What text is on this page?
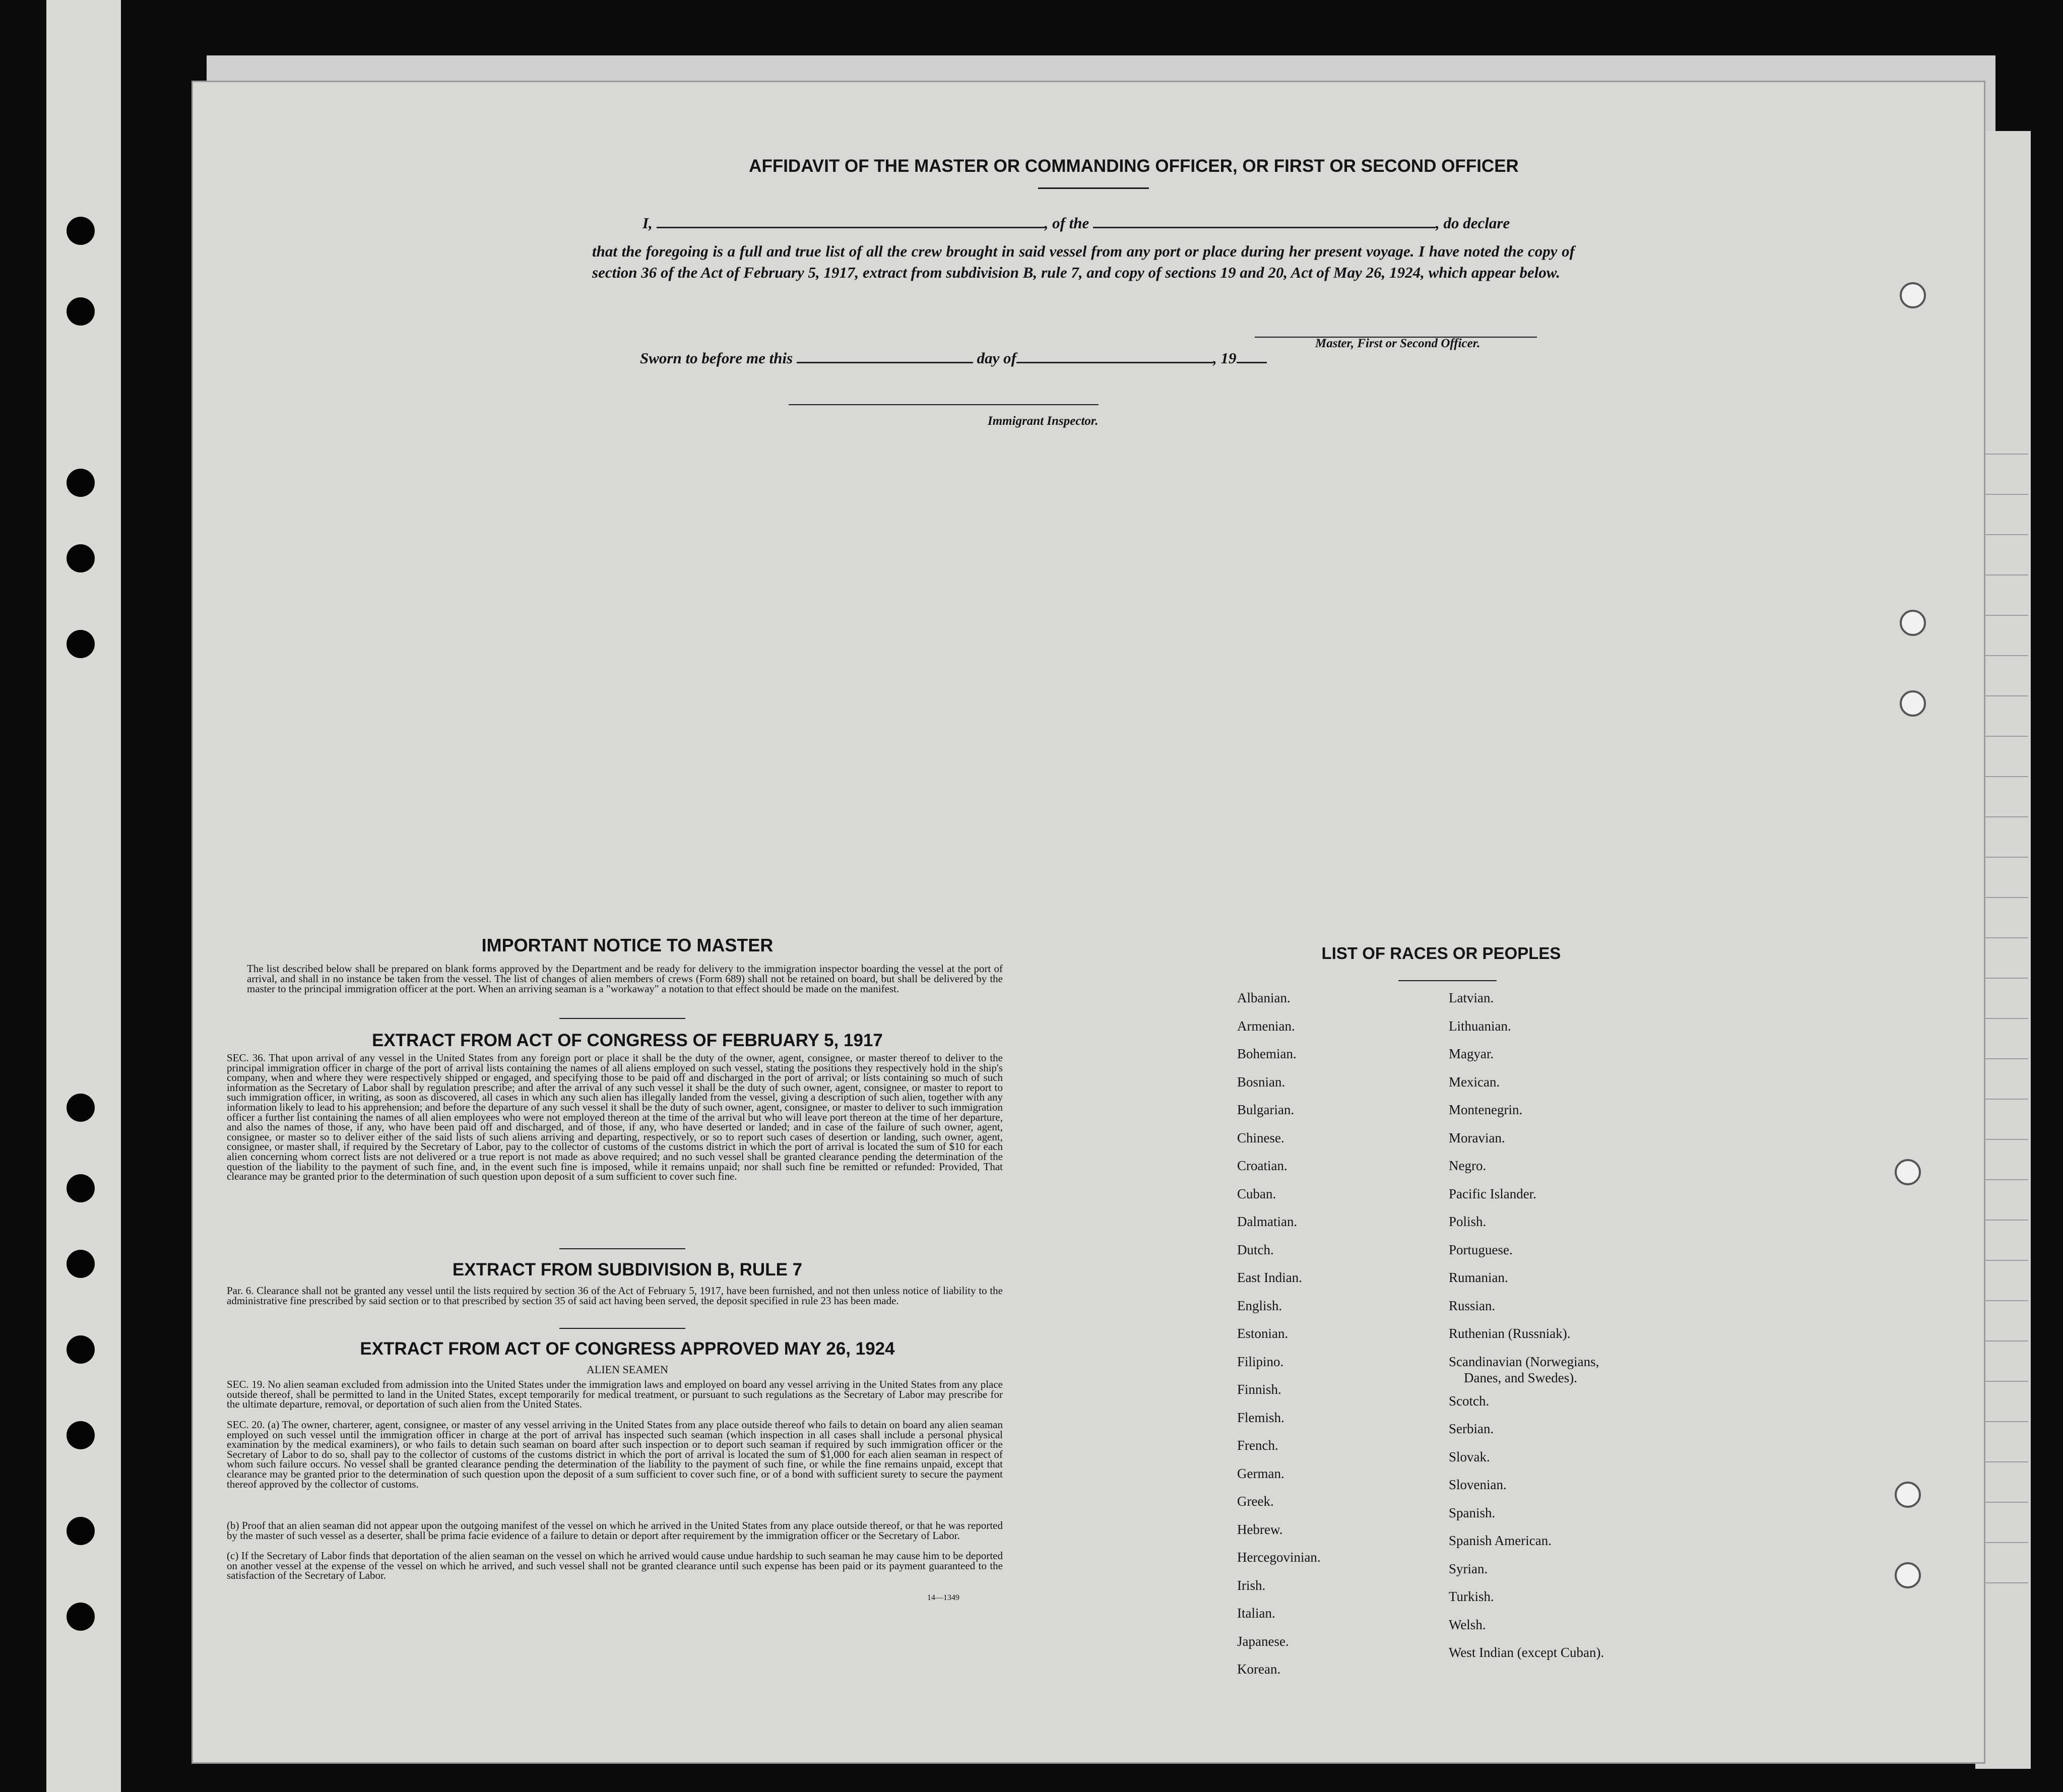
AFFIDAVIT OF THE MASTER OR COMMANDING OFFICER, OR FIRST OR SECOND OFFICER
I,	, of the	, do declare
that the foregoing is a full and true list of all the crew brought in said vessel from any port or place during her present voyage. I have noted the copy of section 36 of the Act of February 5, 1917, extract from subdivision B, rule 7, and copy of sections 19 and 20, Act of May 26, 1924, which appear below.
Master, First or Second Officer.
Sworn to before me this	day of	, 19
Immigrant Inspector.
IMPORTANT NOTICE TO MASTER
The list described below shall be prepared on blank forms approved by the Department and be ready for delivery to the immigration inspector boarding the vessel at the port of arrival, and shall in no instance be taken from the vessel. The list of changes of alien members of crews (Form 689) shall not be retained on board, but shall be delivered by the master to the principal immigration officer at the port. When an arriving seaman is a "workaway" a notation to that effect should be made on the manifest.
EXTRACT FROM ACT OF CONGRESS OF FEBRUARY 5, 1917
SEC. 36. That upon arrival of any vessel in the United States from any foreign port or place it shall be the duty of the owner, agent, consignee, or master thereof to deliver to the principal immigration officer in charge of the port of arrival lists containing the names of all aliens employed on such vessel, stating the positions they respectively hold in the ship's company, when and where they were respectively shipped or engaged, and specifying those to be paid off and discharged in the port of arrival; or lists containing so much of such information as the Secretary of Labor shall by regulation prescribe; and after the arrival of any such vessel it shall be the duty of such owner, agent, consignee, or master to report to such immigration officer, in writing, as soon as discovered, all cases in which any such alien has illegally landed from the vessel, giving a description of such alien, together with any information likely to lead to his apprehension; and before the departure of any such vessel it shall be the duty of such owner, agent, consignee, or master to deliver to such immigration officer a further list containing the names of all alien employees who were not employed thereon at the time of the arrival but who will leave port thereon at the time of her departure, and also the names of those, if any, who have been paid off and discharged, and of those, if any, who have deserted or landed; and in case of the failure of such owner, agent, consignee, or master so to deliver either of the said lists of such aliens arriving and departing, respectively, or so to report such cases of desertion or landing, such owner, agent, consignee, or master shall, if required by the Secretary of Labor, pay to the collector of customs of the customs district in which the port of arrival is located the sum of $10 for each alien concerning whom correct lists are not delivered or a true report is not made as above required; and no such vessel shall be granted clearance pending the determination of the question of the liability to the payment of such fine, and, in the event such fine is imposed, while it remains unpaid; nor shall such fine be remitted or refunded: Provided, That clearance may be granted prior to the determination of such question upon deposit of a sum sufficient to cover such fine.
EXTRACT FROM SUBDIVISION B, RULE 7
Par. 6. Clearance shall not be granted any vessel until the lists required by section 36 of the Act of February 5, 1917, have been furnished, and not then unless notice of liability to the administrative fine prescribed by said section or to that prescribed by section 35 of said act having been served, the deposit specified in rule 23 has been made.
EXTRACT FROM ACT OF CONGRESS APPROVED MAY 26, 1924
ALIEN SEAMEN
SEC. 19. No alien seaman excluded from admission into the United States under the immigration laws and employed on board any vessel arriving in the United States from any place outside thereof, shall be permitted to land in the United States, except temporarily for medical treatment, or pursuant to such regulations as the Secretary of Labor may prescribe for the ultimate departure, removal, or deportation of such alien from the United States.
SEC. 20. (a) The owner, charterer, agent, consignee, or master of any vessel arriving in the United States from any place outside thereof who fails to detain on board any alien seaman employed on such vessel until the immigration officer in charge at the port of arrival has inspected such seaman (which inspection in all cases shall include a personal physical examination by the medical examiners), or who fails to detain such seaman on board after such inspection or to deport such seaman if required by such immigration officer or the Secretary of Labor to do so, shall pay to the collector of customs of the customs district in which the port of arrival is located the sum of $1,000 for each alien seaman in respect of whom such failure occurs. No vessel shall be granted clearance pending the determination of the liability to the payment of such fine, or while the fine remains unpaid, except that clearance may be granted prior to the determination of such question upon the deposit of a sum sufficient to cover such fine, or of a bond with sufficient surety to secure the payment thereof approved by the collector of customs.
(b) Proof that an alien seaman did not appear upon the outgoing manifest of the vessel on which he arrived in the United States from any place outside thereof, or that he was reported by the master of such vessel as a deserter, shall be prima facie evidence of a failure to detain or deport after requirement by the immigration officer or the Secretary of Labor.
(c) If the Secretary of Labor finds that deportation of the alien seaman on the vessel on which he arrived would cause undue hardship to such seaman he may cause him to be deported on another vessel at the expense of the vessel on which he arrived, and such vessel shall not be granted clearance until such expense has been paid or its payment guaranteed to the satisfaction of the Secretary of Labor.
14—1349
LIST OF RACES OR PEOPLES
Albanian.
Armenian.
Bohemian.
Bosnian.
Bulgarian.
Chinese.
Croatian.
Cuban.
Dalmatian.
Dutch.
East Indian.
English.
Estonian.
Filipino.
Finnish.
Flemish.
French.
German.
Greek.
Hebrew.
Hercegovinian.
Irish.
Italian.
Japanese.
Korean.
Latvian.
Lithuanian.
Magyar.
Mexican.
Montenegrin.
Moravian.
Negro.
Pacific Islander.
Polish.
Portuguese.
Rumanian.
Russian.
Ruthenian (Russniak).
Scandinavian (Norwegians,
Danes, and Swedes).
Scotch.
Serbian.
Slovak.
Slovenian.
Spanish.
Spanish American.
Syrian.
Turkish.
Welsh.
West Indian (except Cuban).
